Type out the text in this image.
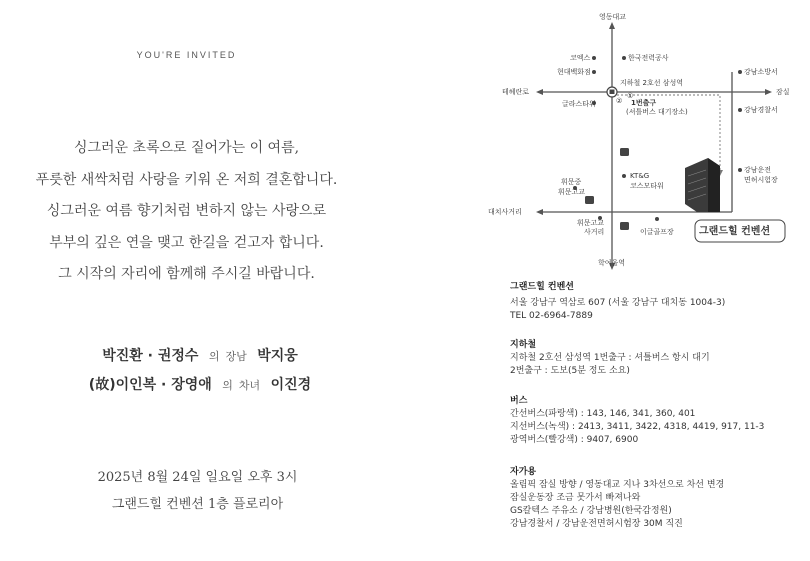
YOU'RE INVITED
싱그러운 초록으로 짙어가는 이 여름,
푸릇한 새싹처럼 사랑을 키워 온 저희 결혼합니다.
싱그러운 여름 향기처럼 변하지 않는 사랑으로
부부의 깊은 연을 맺고 한길을 걷고자 합니다.
그 시작의 자리에 함께해 주시길 바랍니다.
박진환 · 권정수 의 장남 박지웅
(故)이인복 · 장영애 의 차녀 이진경
2025년 8월 24일 일요일 오후 3시
그랜드힐 컨벤션 1층 플로리아
영동대교
한국전력공사
코엑스
현대백화점	강남소방서
지하철 2호선 삼성역
테헤란로	잠실
글라스타워	②
①
1번출구
(셔틀버스 대기장소)	강남경찰서
KT&G
코스모타워
강남운전
면허시험장
휘문중
휘문고교
대치사거리
휘문고교
사거리	이글골프장
학여울역
그랜드힐 컨벤션
그랜드힐 컨벤션
서울 강남구 역삼로 607 (서울 강남구 대치동 1004-3)
TEL 02-6964-7889
지하철
지하철 2호선 삼성역 1번출구 : 셔틀버스 항시 대기
2번출구 : 도보(5분 정도 소요)
버스
간선버스(파랑색) : 143, 146, 341, 360, 401
지선버스(녹색) : 2413, 3411, 3422, 4318, 4419, 917, 11-3
광역버스(빨강색) : 9407, 6900
자가용
올림픽 잠실 방향 / 영동대교 지나 3차선으로 차선 변경
잠실운동장 조금 못가서 빠져나와
GS칼텍스 주유소 / 강남병원(한국감정원)
강남경찰서 / 강남운전면허시험장 30M 직진
